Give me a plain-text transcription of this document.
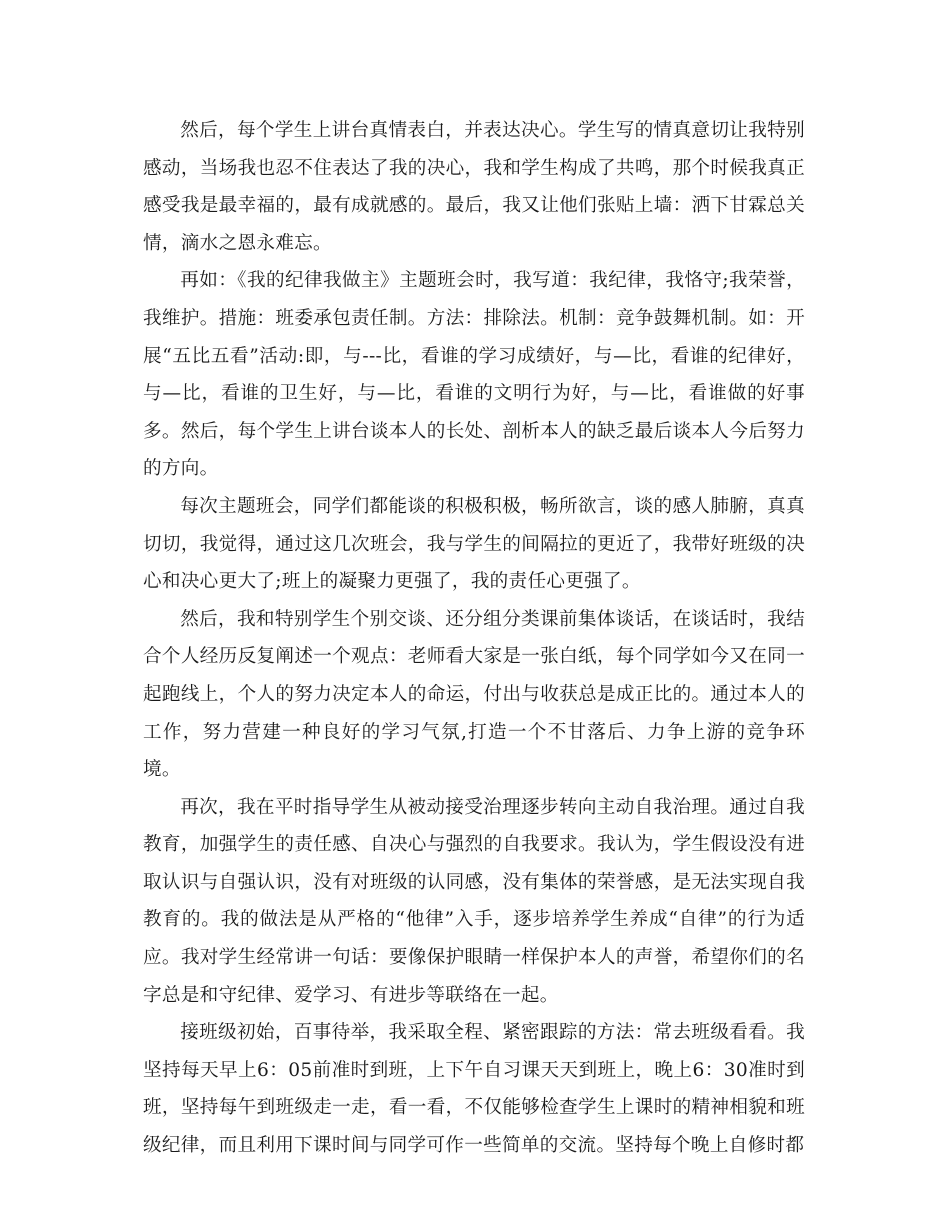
然后，每个学生上讲台真情表白，并表达决心。学生写的情真意切让我特别感动，当场我也忍不住表达了我的决心，我和学生构成了共鸣，那个时候我真正感受我是最幸福的，最有成就感的。最后，我又让他们张贴上墙：洒下甘霖总关情，滴水之恩永难忘。

再如：《我的纪律我做主》主题班会时，我写道：我纪律，我恪守;我荣誉，我维护。措施：班委承包责任制。方法：排除法。机制：竞争鼓舞机制。如：开展“五比五看”活动:即，与---比，看谁的学习成绩好，与—比，看谁的纪律好，与—比，看谁的卫生好，与—比，看谁的文明行为好，与—比，看谁做的好事多。然后，每个学生上讲台谈本人的长处、剖析本人的缺乏最后谈本人今后努力的方向。

每次主题班会，同学们都能谈的积极积极，畅所欲言，谈的感人肺腑，真真切切，我觉得，通过这几次班会，我与学生的间隔拉的更近了，我带好班级的决心和决心更大了;班上的凝聚力更强了，我的责任心更强了。

然后，我和特别学生个别交谈、还分组分类课前集体谈话，在谈话时，我结合个人经历反复阐述一个观点：老师看大家是一张白纸，每个同学如今又在同一起跑线上，个人的努力决定本人的命运，付出与收获总是成正比的。通过本人的工作，努力营建一种良好的学习气氛,打造一个不甘落后、力争上游的竞争环境。

再次，我在平时指导学生从被动接受治理逐步转向主动自我治理。通过自我教育，加强学生的责任感、自决心与强烈的自我要求。我认为，学生假设没有进取认识与自强认识，没有对班级的认同感，没有集体的荣誉感，是无法实现自我教育的。我的做法是从严格的“他律”入手，逐步培养学生养成“自律”的行为适应。我对学生经常讲一句话：要像保护眼睛一样保护本人的声誉，希望你们的名字总是和守纪律、爱学习、有进步等联络在一起。

接班级初始，百事待举，我采取全程、紧密跟踪的方法：常去班级看看。我坚持每天早上6：05前准时到班，上下午自习课天天到班上，晚上6：30准时到班，坚持每午到班级走一走，看一看，不仅能够检查学生上课时的精神相貌和班级纪律，而且利用下课时间与同学可作一些简单的交流。坚持每个晚上自修时都
